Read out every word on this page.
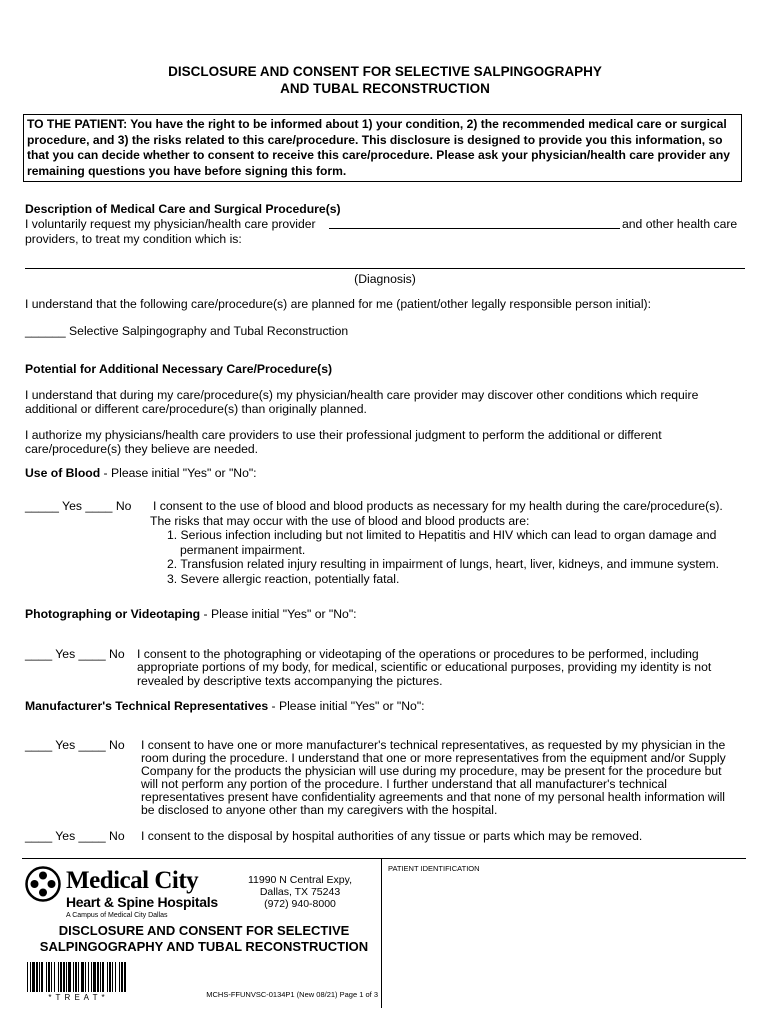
DISCLOSURE AND CONSENT FOR SELECTIVE SALPINGOGRAPHY
AND TUBAL RECONSTRUCTION
TO THE PATIENT: You have the right to be informed about 1) your condition, 2) the recommended medical care or surgical procedure, and 3) the risks related to this care/procedure. This disclosure is designed to provide you this information, so that you can decide whether to consent to receive this care/procedure. Please ask your physician/health care provider any remaining questions you have before signing this form.
Description of Medical Care and Surgical Procedure(s)
I voluntarily request my physician/health care provider	and other health care
providers, to treat my condition which is:
(Diagnosis)
I understand that the following care/procedure(s) are planned for me (patient/other legally responsible person initial):
______ Selective Salpingography and Tubal Reconstruction
Potential for Additional Necessary Care/Procedure(s)
I understand that during my care/procedure(s) my physician/health care provider may discover other conditions which require
additional or different care/procedure(s) than originally planned.
I authorize my physicians/health care providers to use their professional judgment to perform the additional or different
care/procedure(s) they believe are needed.
Use of Blood - Please initial "Yes" or "No":
_____ Yes ____ No I consent to the use of blood and blood products as necessary for my health during the care/procedure(s).
The risks that may occur with the use of blood and blood products are:
1. Serious infection including but not limited to Hepatitis and HIV which can lead to organ damage and
permanent impairment.
2. Transfusion related injury resulting in impairment of lungs, heart, liver, kidneys, and immune system.
3. Severe allergic reaction, potentially fatal.
Photographing or Videotaping - Please initial "Yes" or "No":
____ Yes ____ No I consent to the photographing or videotaping of the operations or procedures to be performed, including
appropriate portions of my body, for medical, scientific or educational purposes, providing my identity is not
revealed by descriptive texts accompanying the pictures.
Manufacturer's Technical Representatives - Please initial "Yes" or "No":
____ Yes ____ No I consent to have one or more manufacturer's technical representatives, as requested by my physician in the
room during the procedure. I understand that one or more representatives from the equipment and/or Supply
Company for the products the physician will use during my procedure, may be present for the procedure but
will not perform any portion of the procedure. I further understand that all manufacturer's technical
representatives present have confidentiality agreements and that none of my personal health information will
be disclosed to anyone other than my caregivers with the hospital.
____ Yes ____ No I consent to the disposal by hospital authorities of any tissue or parts which may be removed.
Medical City
Heart & Spine Hospitals
A Campus of Medical City Dallas
11990 N Central Expy,
Dallas, TX 75243
(972) 940-8000
PATIENT IDENTIFICATION
DISCLOSURE AND CONSENT FOR SELECTIVE
SALPINGOGRAPHY AND TUBAL RECONSTRUCTION
* T R E A T *	MCHS-FFUNVSC-0134P1 (New 08/21) Page 1 of 3
